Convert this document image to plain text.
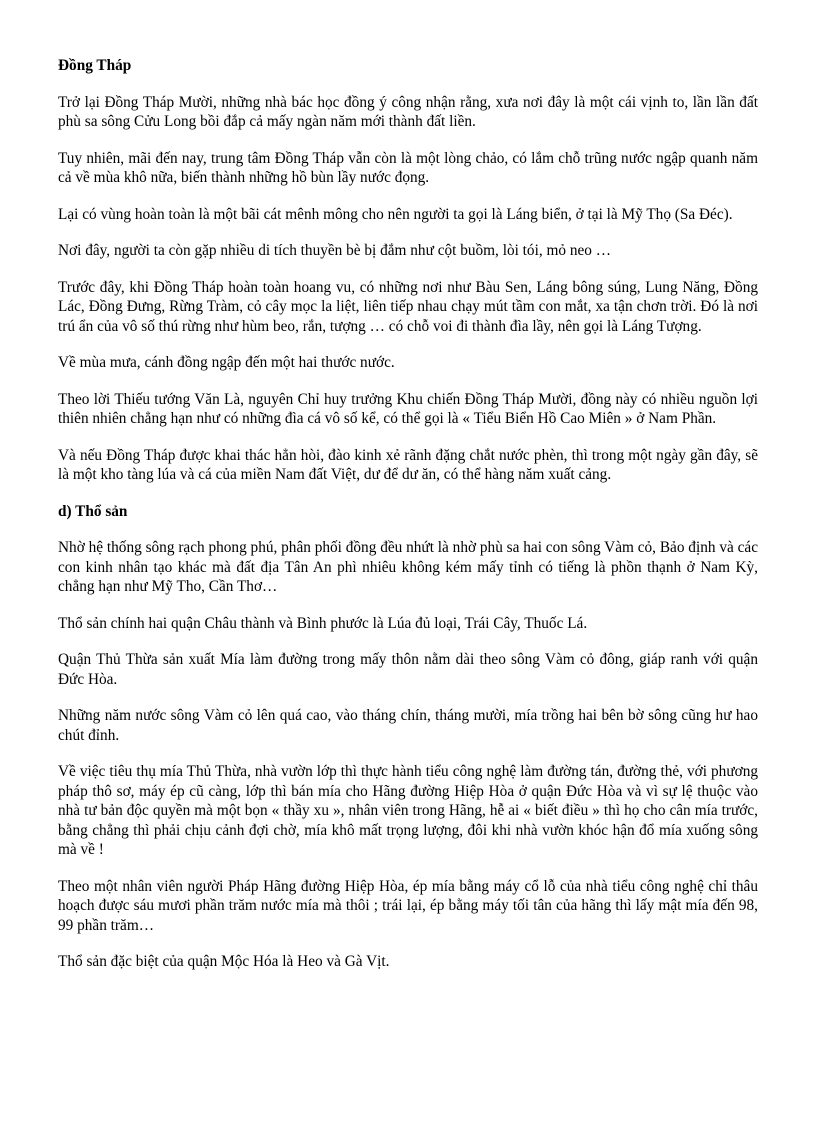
Đồng Tháp

Trở lại Đồng Tháp Mười, những nhà bác học đồng ý công nhận rằng, xưa nơi đây là một cái vịnh to, lần lần đất phù sa sông Cửu Long bồi đắp cả mấy ngàn năm mới thành đất liền.

Tuy nhiên, mãi đến nay, trung tâm Đồng Tháp vẫn còn là một lòng chảo, có lắm chỗ trũng nước ngập quanh năm cả về mùa khô nữa, biến thành những hồ bùn lầy nước đọng.

Lại có vùng hoàn toàn là một bãi cát mênh mông cho nên người ta gọi là Láng biển, ở tại là Mỹ Thọ (Sa Đéc).

Nơi đây, người ta còn gặp nhiều di tích thuyền bè bị đắm như cột buồm, lòi tói, mỏ neo …

Trước đây, khi Đồng Tháp hoàn toàn hoang vu, có những nơi như Bàu Sen, Láng bông súng, Lung Năng, Đồng Lác, Đồng Đưng, Rừng Tràm, cỏ cây mọc la liệt, liên tiếp nhau chạy mút tầm con mắt, xa tận chơn trời. Đó là nơi trú ẩn của vô số thú rừng như hùm beo, rắn, tượng … có chỗ voi đi thành đìa lầy, nên gọi là Láng Tượng.

Về mùa mưa, cánh đồng ngập đến một hai thước nước.

Theo lời Thiếu tướng Văn Là, nguyên Chỉ huy trưởng Khu chiến Đồng Tháp Mười, đồng này có nhiều nguồn lợi thiên nhiên chẳng hạn như có những đìa cá vô số kể, có thể gọi là « Tiểu Biển Hồ Cao Miên » ở Nam Phần.

Và nếu Đồng Tháp được khai thác hẳn hòi, đào kinh xẻ rãnh đặng chắt nước phèn, thì trong một ngày gần đây, sẽ là một kho tàng lúa và cá của miền Nam đất Việt, dư để dư ăn, có thể hàng năm xuất cảng.

d) Thổ sản

Nhờ hệ thống sông rạch phong phú, phân phối đồng đều nhứt là nhờ phù sa hai con sông Vàm cỏ, Bảo định và các con kinh nhân tạo khác mà đất địa Tân An phì nhiêu không kém mấy tỉnh có tiếng là phồn thạnh ở Nam Kỳ, chẳng hạn như Mỹ Tho, Cần Thơ…

Thổ sản chính hai quận Châu thành và Bình phước là Lúa đủ loại, Trái Cây, Thuốc Lá.

Quận Thủ Thừa sản xuất Mía làm đường trong mấy thôn nằm dài theo sông Vàm cỏ đông, giáp ranh với quận Đức Hòa.

Những năm nước sông Vàm cỏ lên quá cao, vào tháng chín, tháng mười, mía trồng hai bên bờ sông cũng hư hao chút đỉnh.

Về việc tiêu thụ mía Thủ Thừa, nhà vườn lớp thì thực hành tiểu công nghệ làm đường tán, đường thẻ, với phương pháp thô sơ, máy ép cũ càng, lớp thì bán mía cho Hãng đường Hiệp Hòa ở quận Đức Hòa và vì sự lệ thuộc vào nhà tư bản độc quyền mà một bọn « thầy xu », nhân viên trong Hãng, hễ ai « biết điều » thì họ cho cân mía trước, bằng chẳng thì phải chịu cảnh đợi chờ, mía khô mất trọng lượng, đôi khi nhà vườn khóc hận đổ mía xuống sông mà về !

Theo một nhân viên người Pháp Hãng đường Hiệp Hòa, ép mía bằng máy cổ lỗ của nhà tiểu công nghệ chỉ thâu hoạch được sáu mươi phần trăm nước mía mà thôi ; trái lại, ép bằng máy tối tân của hãng thì lấy mật mía đến 98, 99 phần trăm…

Thổ sản đặc biệt của quận Mộc Hóa là Heo và Gà Vịt.
